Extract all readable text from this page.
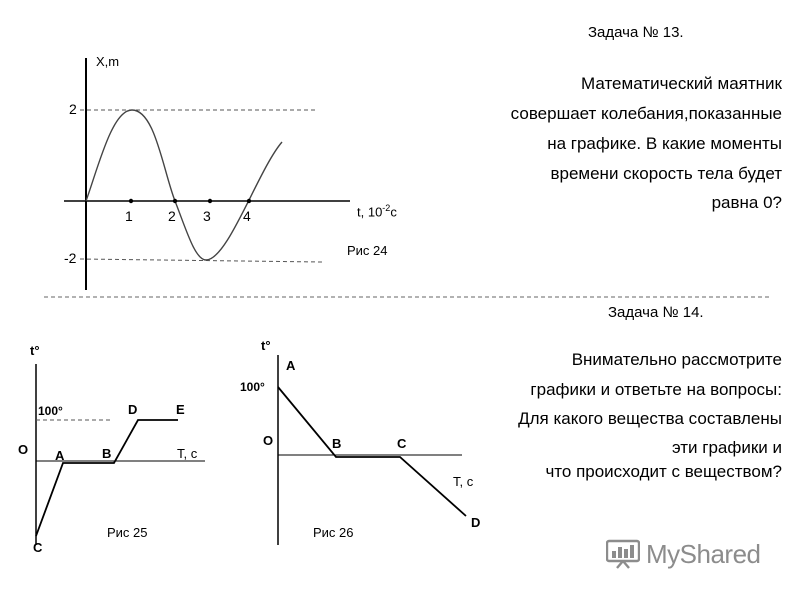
Задача № 13.
Математический маятник
совершает колебания,показанные
на графике. В какие моменты
времени скорость тела будет
равна 0?
Задача № 14.
Внимательно рассмотрите
графики и ответьте на вопросы:
Для какого вещества составлены
эти графики и
что происходит с веществом?
X,m
2
-2
1	2 3 4	t, $10^{-2}c$
Рис 24
t°
100°
O A	B
C
D	E
T, c
Рис 25
t°
A
100°
O	B	C
T, c
D
Рис 26
MyShared
